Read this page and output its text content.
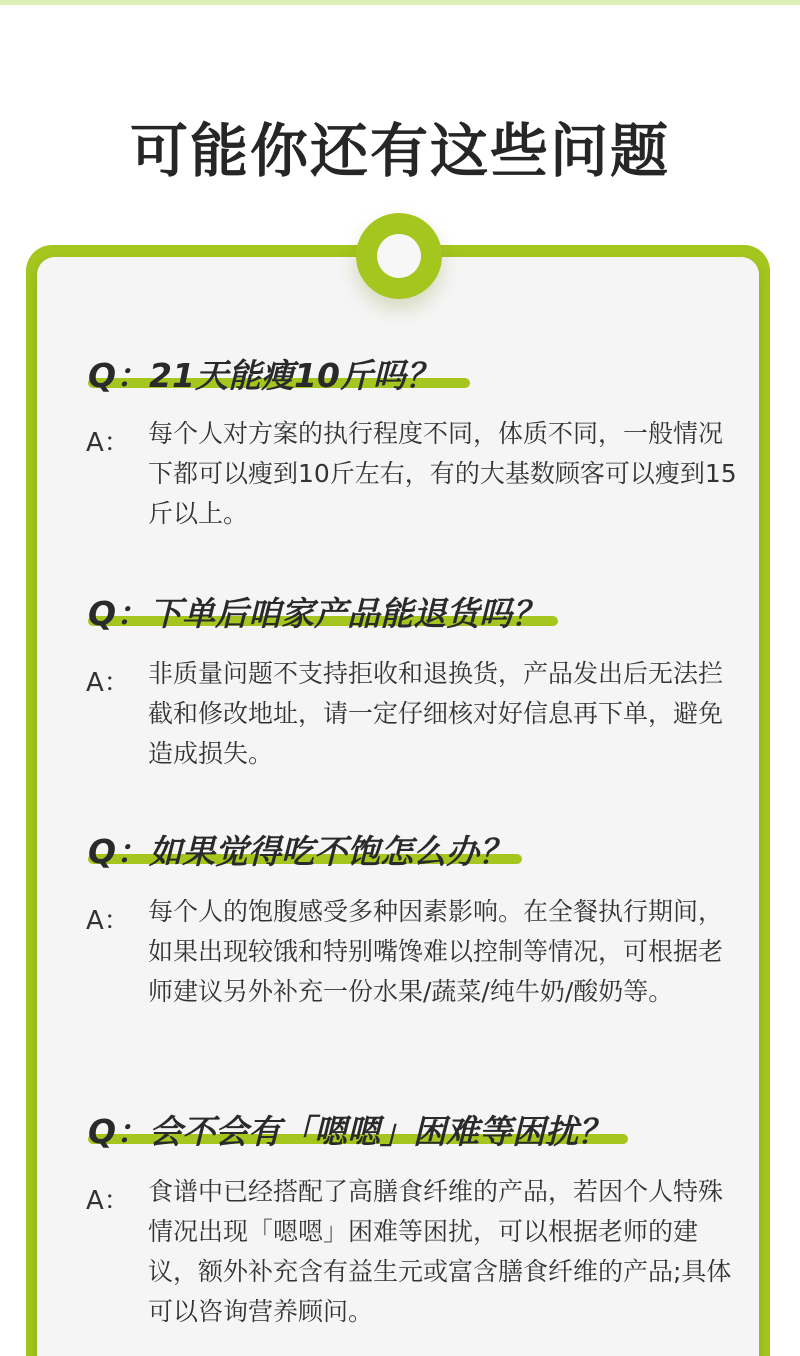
可能你还有这些问题
Q：21天能瘦10斤吗？
A： 每个人对方案的执行程度不同，体质不同，一般情况下都可以瘦到10斤左右，有的大基数顾客可以瘦到15斤以上。
Q：下单后咱家产品能退货吗？
A： 非质量问题不支持拒收和退换货，产品发出后无法拦截和修改地址，请一定仔细核对好信息再下单，避免造成损失。
Q：如果觉得吃不饱怎么办？
A： 每个人的饱腹感受多种因素影响。在全餐执行期间，如果出现较饿和特别嘴馋难以控制等情况，可根据老师建议另外补充一份水果/蔬菜/纯牛奶/酸奶等。
Q：会不会有「嗯嗯」困难等困扰？
A： 食谱中已经搭配了高膳食纤维的产品，若因个人特殊情况出现「嗯嗯」困难等困扰，可以根据老师的建议，额外补充含有益生元或富含膳食纤维的产品;具体可以咨询营养顾问。
